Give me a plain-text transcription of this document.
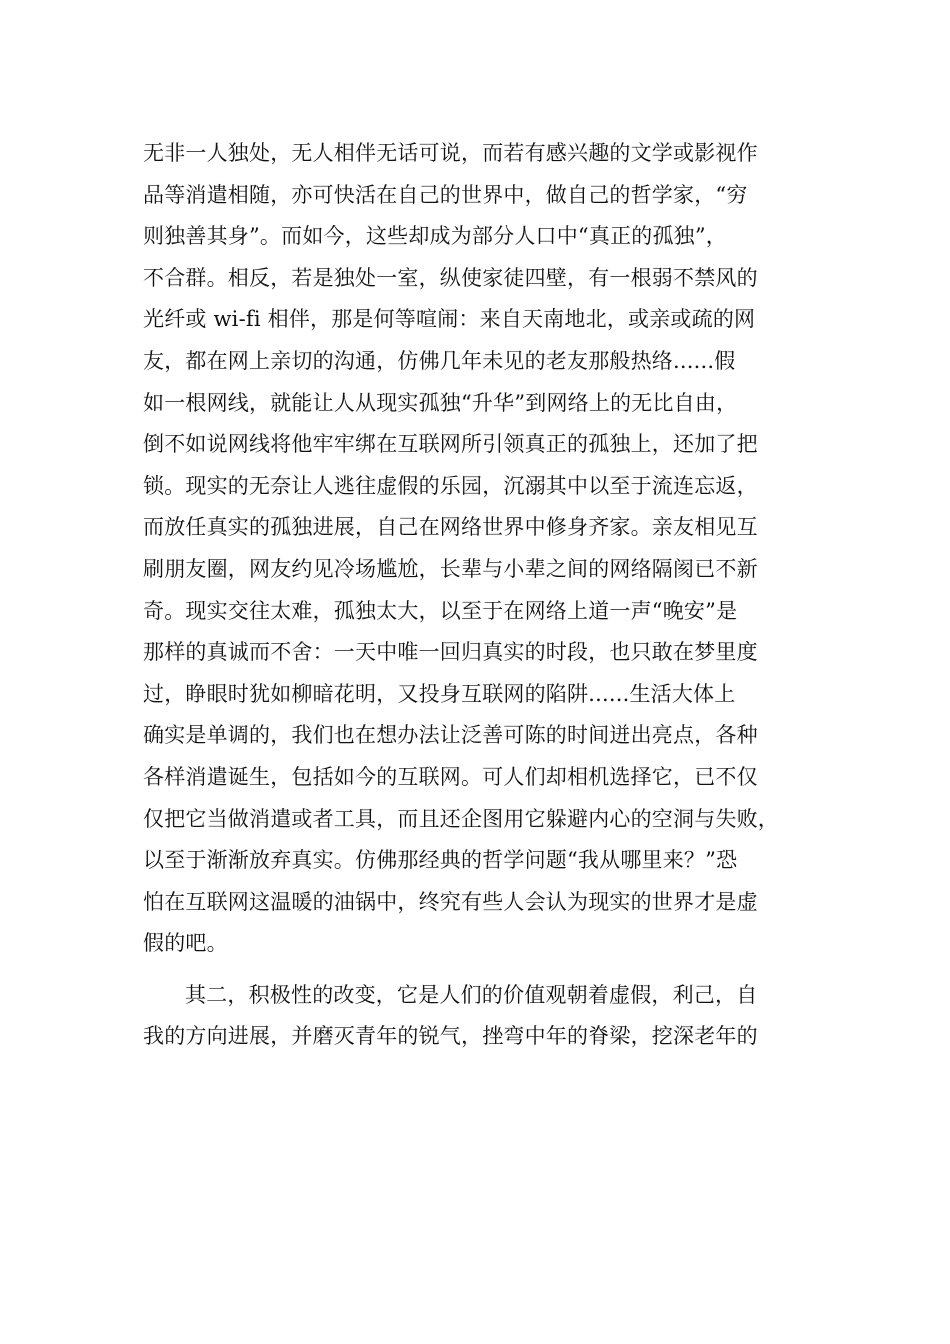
无非一人独处，无人相伴无话可说，而若有感兴趣的文学或影视作
品等消遣相随，亦可快活在自己的世界中，做自己的哲学家，“穷
则独善其身”。而如今，这些却成为部分人口中“真正的孤独”，
不合群。相反，若是独处一室，纵使家徒四壁，有一根弱不禁风的
光纤或 wi-fi 相伴，那是何等喧闹：来自天南地北，或亲或疏的网
友，都在网上亲切的沟通，仿佛几年未见的老友那般热络......假
如一根网线，就能让人从现实孤独“升华”到网络上的无比自由，
倒不如说网线将他牢牢绑在互联网所引领真正的孤独上，还加了把
锁。现实的无奈让人逃往虚假的乐园，沉溺其中以至于流连忘返，
而放任真实的孤独进展，自己在网络世界中修身齐家。亲友相见互
刷朋友圈，网友约见冷场尴尬，长辈与小辈之间的网络隔阂已不新
奇。现实交往太难，孤独太大，以至于在网络上道一声“晚安”是
那样的真诚而不舍：一天中唯一回归真实的时段，也只敢在梦里度
过，睁眼时犹如柳暗花明，又投身互联网的陷阱......生活大体上
确实是单调的，我们也在想办法让泛善可陈的时间迸出亮点，各种
各样消遣诞生，包括如今的互联网。可人们却相机选择它，已不仅
仅把它当做消遣或者工具，而且还企图用它躲避内心的空洞与失败，
以至于渐渐放弃真实。仿佛那经典的哲学问题“我从哪里来？”恐
怕在互联网这温暖的油锅中，终究有些人会认为现实的世界才是虚
假的吧。
其二，积极性的改变，它是人们的价值观朝着虚假，利己，自
我的方向进展，并磨灭青年的锐气，挫弯中年的脊梁，挖深老年的
